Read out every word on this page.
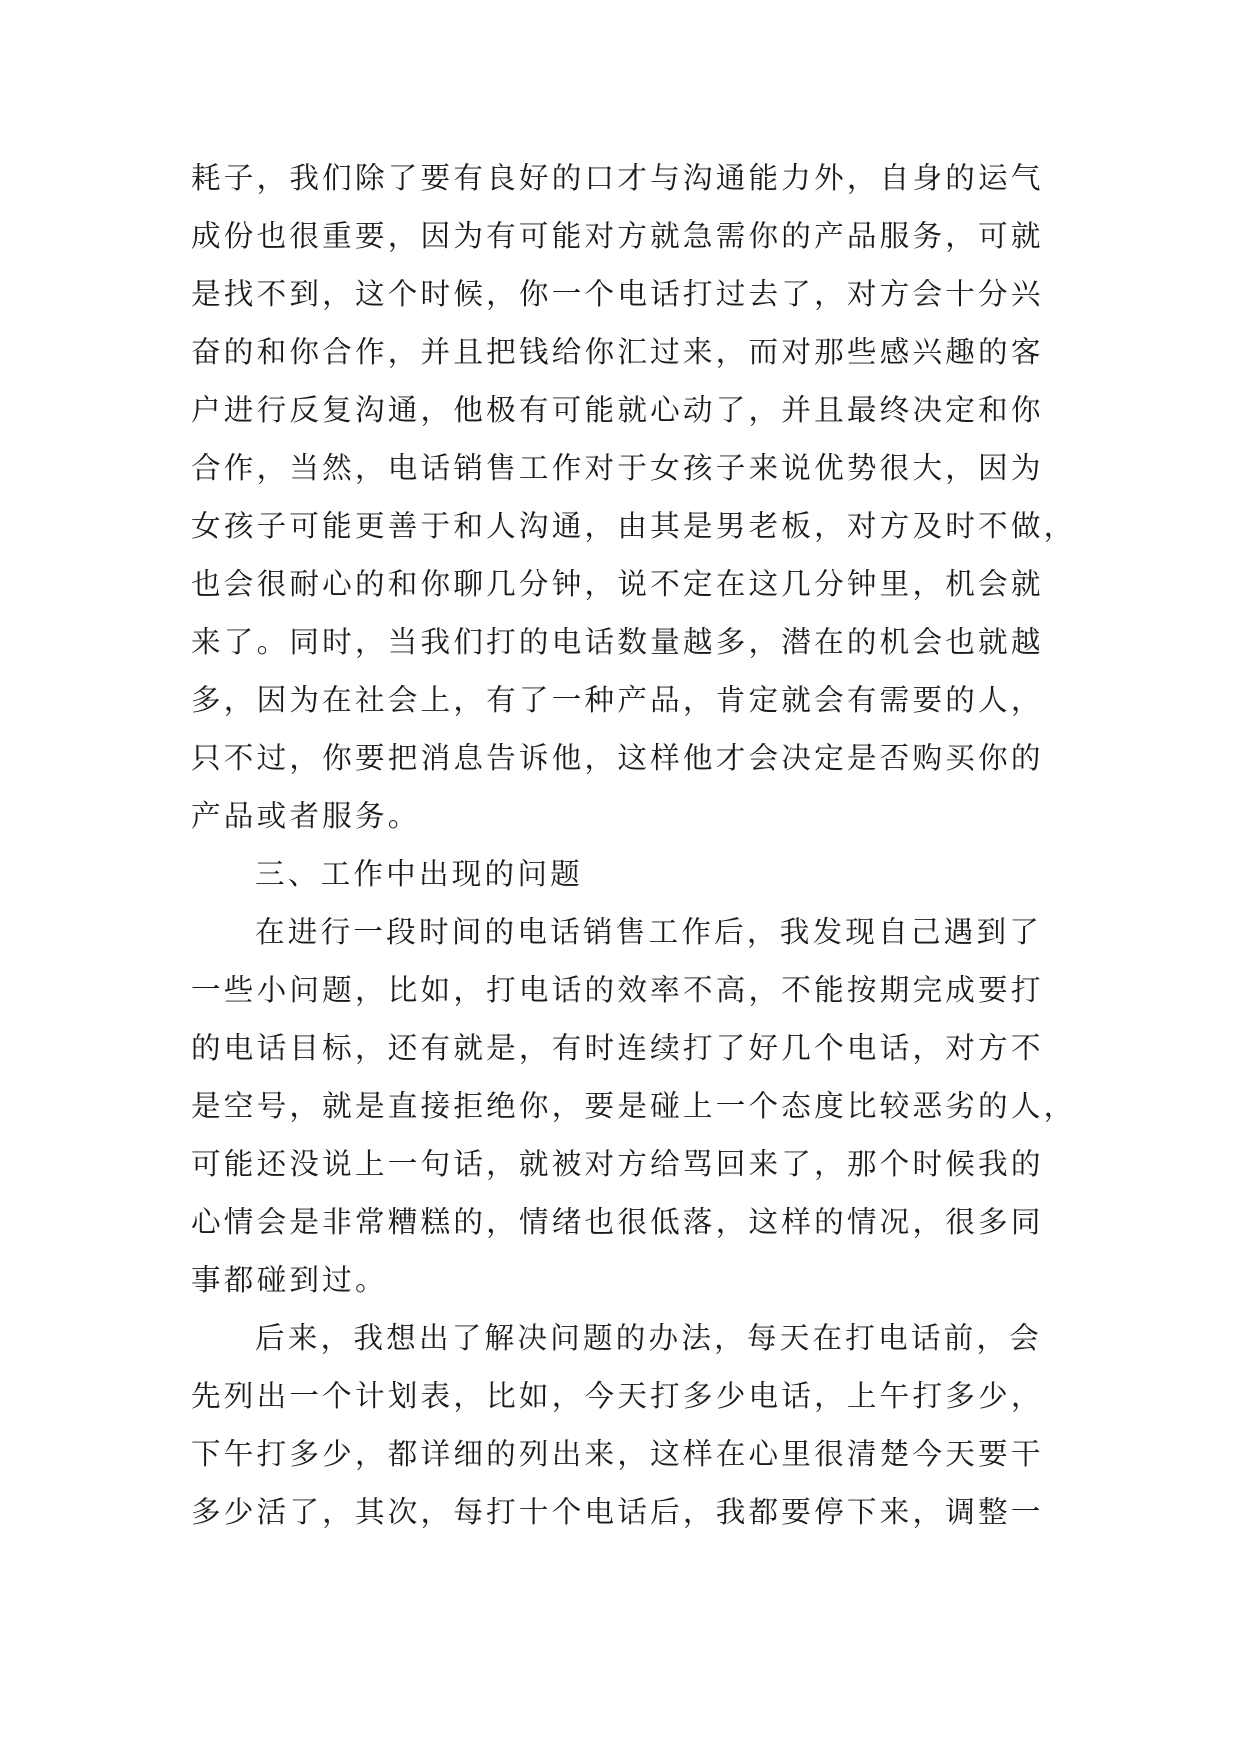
耗子，我们除了要有良好的口才与沟通能力外，自身的运气
成份也很重要，因为有可能对方就急需你的产品服务，可就
是找不到，这个时候，你一个电话打过去了，对方会十分兴
奋的和你合作，并且把钱给你汇过来，而对那些感兴趣的客
户进行反复沟通，他极有可能就心动了，并且最终决定和你
合作，当然，电话销售工作对于女孩子来说优势很大，因为
女孩子可能更善于和人沟通，由其是男老板，对方及时不做，
也会很耐心的和你聊几分钟，说不定在这几分钟里，机会就
来了。同时，当我们打的电话数量越多，潜在的机会也就越
多，因为在社会上，有了一种产品，肯定就会有需要的人，
只不过，你要把消息告诉他，这样他才会决定是否购买你的
产品或者服务。
三、工作中出现的问题
在进行一段时间的电话销售工作后，我发现自己遇到了
一些小问题，比如，打电话的效率不高，不能按期完成要打
的电话目标，还有就是，有时连续打了好几个电话，对方不
是空号，就是直接拒绝你，要是碰上一个态度比较恶劣的人，
可能还没说上一句话，就被对方给骂回来了，那个时候我的
心情会是非常糟糕的，情绪也很低落，这样的情况，很多同
事都碰到过。
后来，我想出了解决问题的办法，每天在打电话前，会
先列出一个计划表，比如，今天打多少电话，上午打多少，
下午打多少，都详细的列出来，这样在心里很清楚今天要干
多少活了，其次，每打十个电话后，我都要停下来，调整一
